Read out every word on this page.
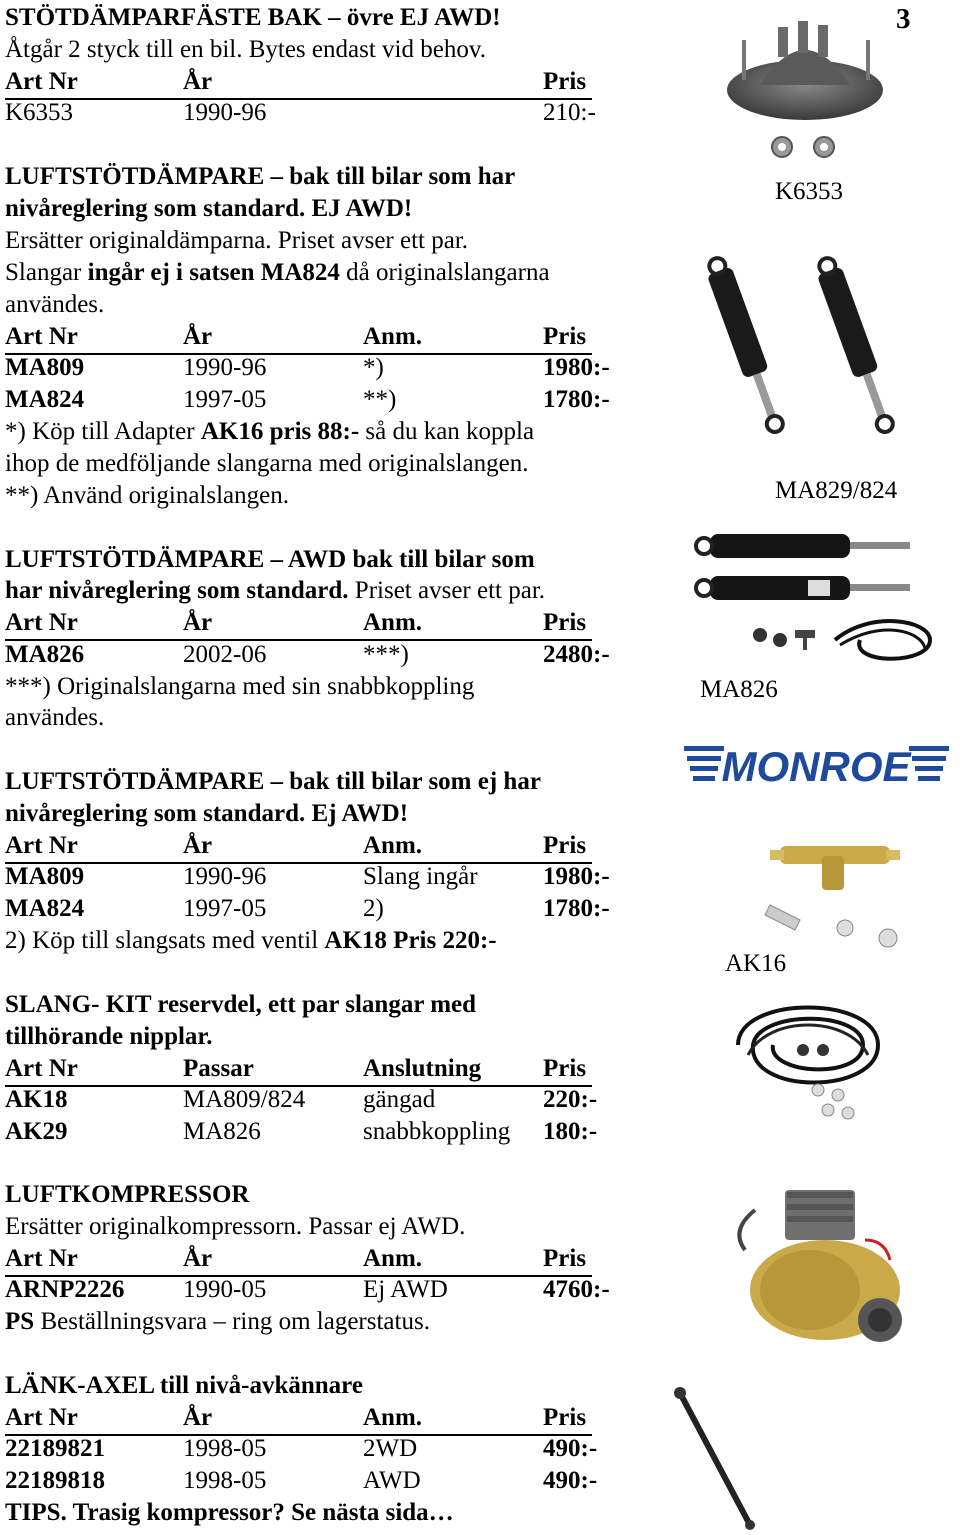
3
STÖTDÄMPARFÄSTE BAK – övre EJ AWD!
Åtgår 2 styck till en bil. Bytes endast vid behov.
Art Nr	År	Pris
K6353	1990-96	210:-
LUFTSTÖTDÄMPARE – bak till bilar som har
nivåreglering som standard. EJ AWD!
Ersätter originaldämparna. Priset avser ett par.
Slangar ingår ej i satsen MA824 då originalslangarna
användes.
Art Nr	År	Anm.	Pris
MA809	1990-96	*)	1980:-
MA824	1997-05	**)	1780:-
*) Köp till Adapter AK16 pris 88:- så du kan koppla
ihop de medföljande slangarna med originalslangen.
**) Använd originalslangen.
LUFTSTÖTDÄMPARE – AWD bak till bilar som
har nivåreglering som standard. Priset avser ett par.
Art Nr	År	Anm.	Pris
MA826	2002-06	***)	2480:-
***) Originalslangarna med sin snabbkoppling
användes.
LUFTSTÖTDÄMPARE – bak till bilar som ej har
nivåreglering som standard. Ej AWD!
Art Nr	År	Anm.	Pris
MA809	1990-96	Slang ingår	1980:-
MA824	1997-05	2)	1780:-
2) Köp till slangsats med ventil AK18 Pris 220:-
SLANG- KIT reservdel, ett par slangar med
tillhörande nipplar.
Art Nr	Passar	Anslutning Pris
AK18	MA809/824 gängad	220:-
AK29	MA826	snabbkoppling 180:-
LUFTKOMPRESSOR
Ersätter originalkompressorn. Passar ej AWD.
Art Nr	År	Anm.	Pris
ARNP2226 1990-05	Ej AWD	4760:-
PS Beställningsvara – ring om lagerstatus.
LÄNK-AXEL till nivå-avkännare
Art Nr	År	Anm.	Pris
22189821	1998-05	2WD	490:-
22189818	1998-05	AWD	490:-
TIPS. Trasig kompressor? Se nästa sida…
K6353
MA829/824
MA826
MONROE
AK16
